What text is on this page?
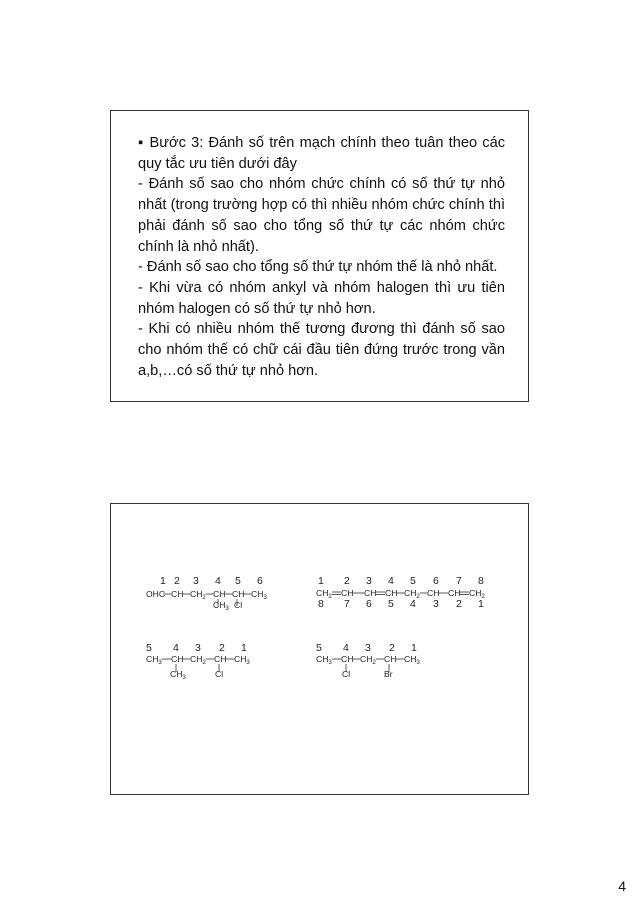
▪ Bước 3: Đánh số trên mạch chính theo tuân theo các quy tắc ưu tiên dưới đây

- Đánh số sao cho nhóm chức chính có số thứ tự nhỏ nhất (trong trường hợp có thì nhiều nhóm chức chính thì phải đánh số sao cho tổng số thứ tự các nhóm chức chính là nhỏ nhất).

- Đánh số sao cho tổng số thứ tự nhóm thế là nhỏ nhất.

- Khi vừa có nhóm ankyl và nhóm halogen thì ưu tiên nhóm halogen có số thứ tự nhỏ hơn.

- Khi có nhiều nhóm thế tương đương thì đánh số sao cho nhóm thế có chữ cái đầu tiên đứng trước trong vần a,b,…có số thứ tự nhỏ hơn.

1 2 3 4 5 6
OHC CH $CH_2$ CH CH $CH_3$
$CH_3$ Cl
1 2 3 4 5 6 7 8
$CH_2$ CH CH CH $CH_2$ CH CH $CH_2$
8 7 6 5 4 3 2 1
5 4 3 2 1
$CH_3$ CH $CH_2$ CH $CH_3$
$CH_3$	Cl
5 4 3 2 1
$CH_3$ CH $CH_2$ CH $CH_3$
Cl	Br
4
